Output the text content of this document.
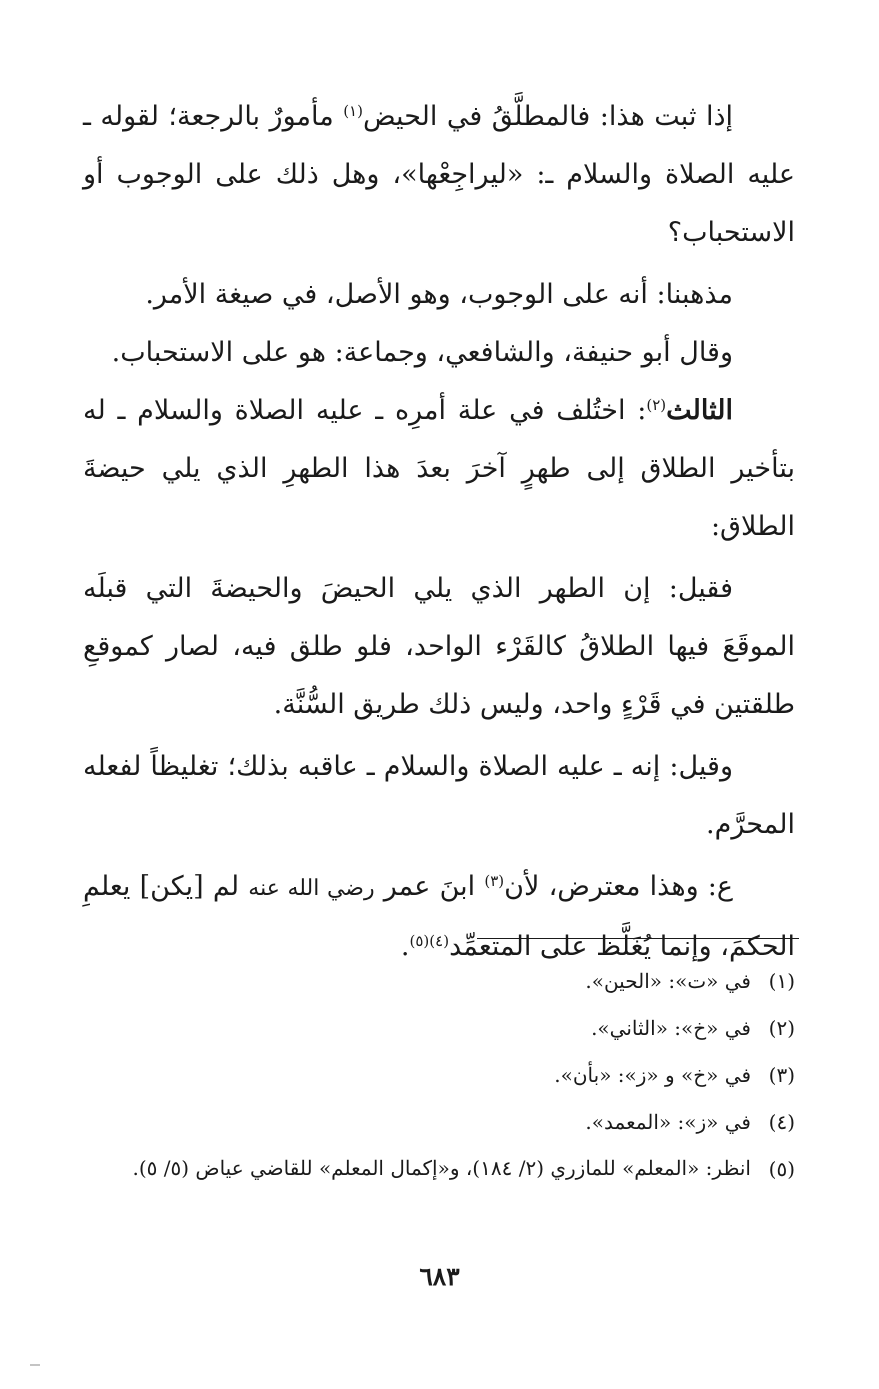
إذا ثبت هذا: فالمطلَّقُ في الحيض$^{(١)}$ مأمورٌ بالرجعة؛ لقوله ـ عليه الصلاة والسلام ـ: «ليراجِعْها»، وهل ذلك على الوجوب أو الاستحباب؟

مذهبنا: أنه على الوجوب، وهو الأصل، في صيغة الأمر.

وقال أبو حنيفة، والشافعي، وجماعة: هو على الاستحباب.

الثالث$^{(٢)}$: اختُلف في علة أمرِه ـ عليه الصلاة والسلام ـ له بتأخير الطلاق إلى طهرٍ آخرَ بعدَ هذا الطهرِ الذي يلي حيضةَ الطلاق:

فقيل: إن الطهر الذي يلي الحيضَ والحيضةَ التي قبلَه الموقَعَ فيها الطلاقُ كالقَرْء الواحد، فلو طلق فيه، لصار كموقعِ طلقتين في قَرْءٍ واحد، وليس ذلك طريق السُّنَّة.

وقيل: إنه ـ عليه الصلاة والسلام ـ عاقبه بذلك؛ تغليظاً لفعله المحرَّم.

ع: وهذا معترض، لأن$^{(٣)}$ ابنَ عمر رضي الله عنه لم [يكن] يعلمِ الحكمَ، وإنما يُغَلَّظ على المتعمِّد$^{(٤)(٥)}$.

(١)
في «ت»: «الحين».
(٢)
في «خ»: «الثاني».
(٣)
في «خ» و «ز»: «بأن».
(٤)
في «ز»: «المعمد».
(٥)
انظر: «المعلم» للمازري (٢/ ١٨٤)، و«إكمال المعلم» للقاضي عياض (٥/ ٥).
٦٨٣
